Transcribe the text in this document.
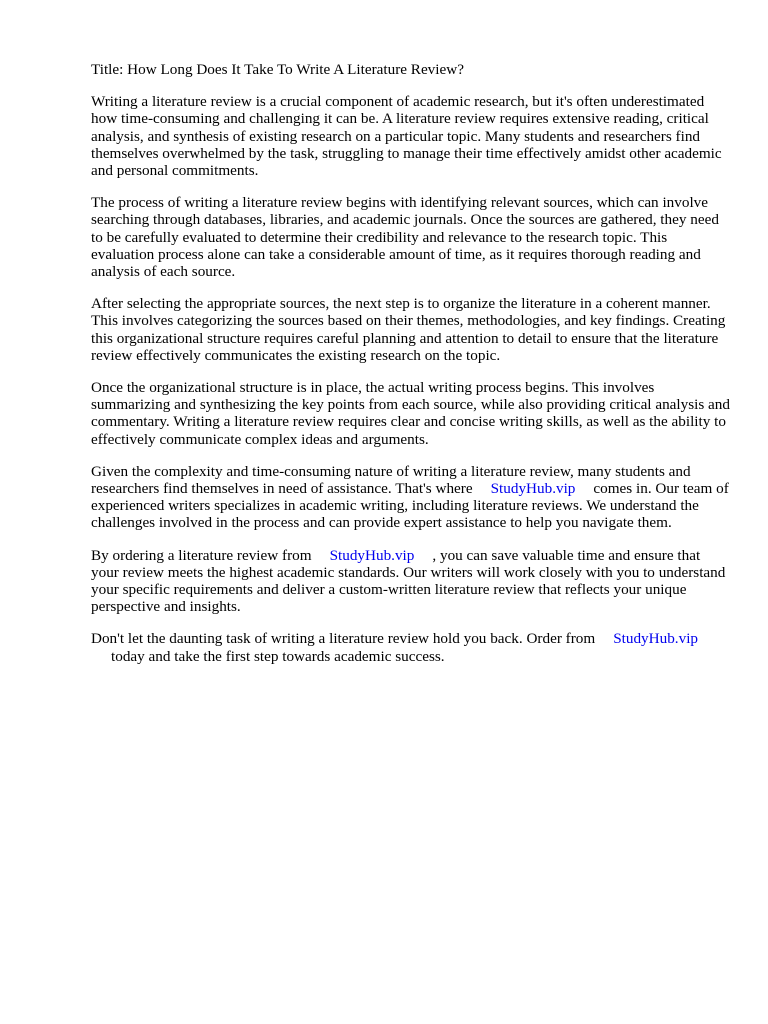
Title: How Long Does It Take To Write A Literature Review?

Writing a literature review is a crucial component of academic research, but it's often underestimated how time-consuming and challenging it can be. A literature review requires extensive reading, critical analysis, and synthesis of existing research on a particular topic. Many students and researchers find themselves overwhelmed by the task, struggling to manage their time effectively amidst other academic and personal commitments.

The process of writing a literature review begins with identifying relevant sources, which can involve searching through databases, libraries, and academic journals. Once the sources are gathered, they need to be carefully evaluated to determine their credibility and relevance to the research topic. This evaluation process alone can take a considerable amount of time, as it requires thorough reading and analysis of each source.

After selecting the appropriate sources, the next step is to organize the literature in a coherent manner. This involves categorizing the sources based on their themes, methodologies, and key findings. Creating this organizational structure requires careful planning and attention to detail to ensure that the literature review effectively communicates the existing research on the topic.

Once the organizational structure is in place, the actual writing process begins. This involves summarizing and synthesizing the key points from each source, while also providing critical analysis and commentary. Writing a literature review requires clear and concise writing skills, as well as the ability to effectively communicate complex ideas and arguments.

Given the complexity and time-consuming nature of writing a literature review, many students and researchers find themselves in need of assistance. That's where StudyHub.vip comes in. Our team of experienced writers specializes in academic writing, including literature reviews. We understand the challenges involved in the process and can provide expert assistance to help you navigate them.

By ordering a literature review from StudyHub.vip , you can save valuable time and ensure that your review meets the highest academic standards. Our writers will work closely with you to understand your specific requirements and deliver a custom-written literature review that reflects your unique perspective and insights.

Don't let the daunting task of writing a literature review hold you back. Order from StudyHub.vip
today and take the first step towards academic success.
